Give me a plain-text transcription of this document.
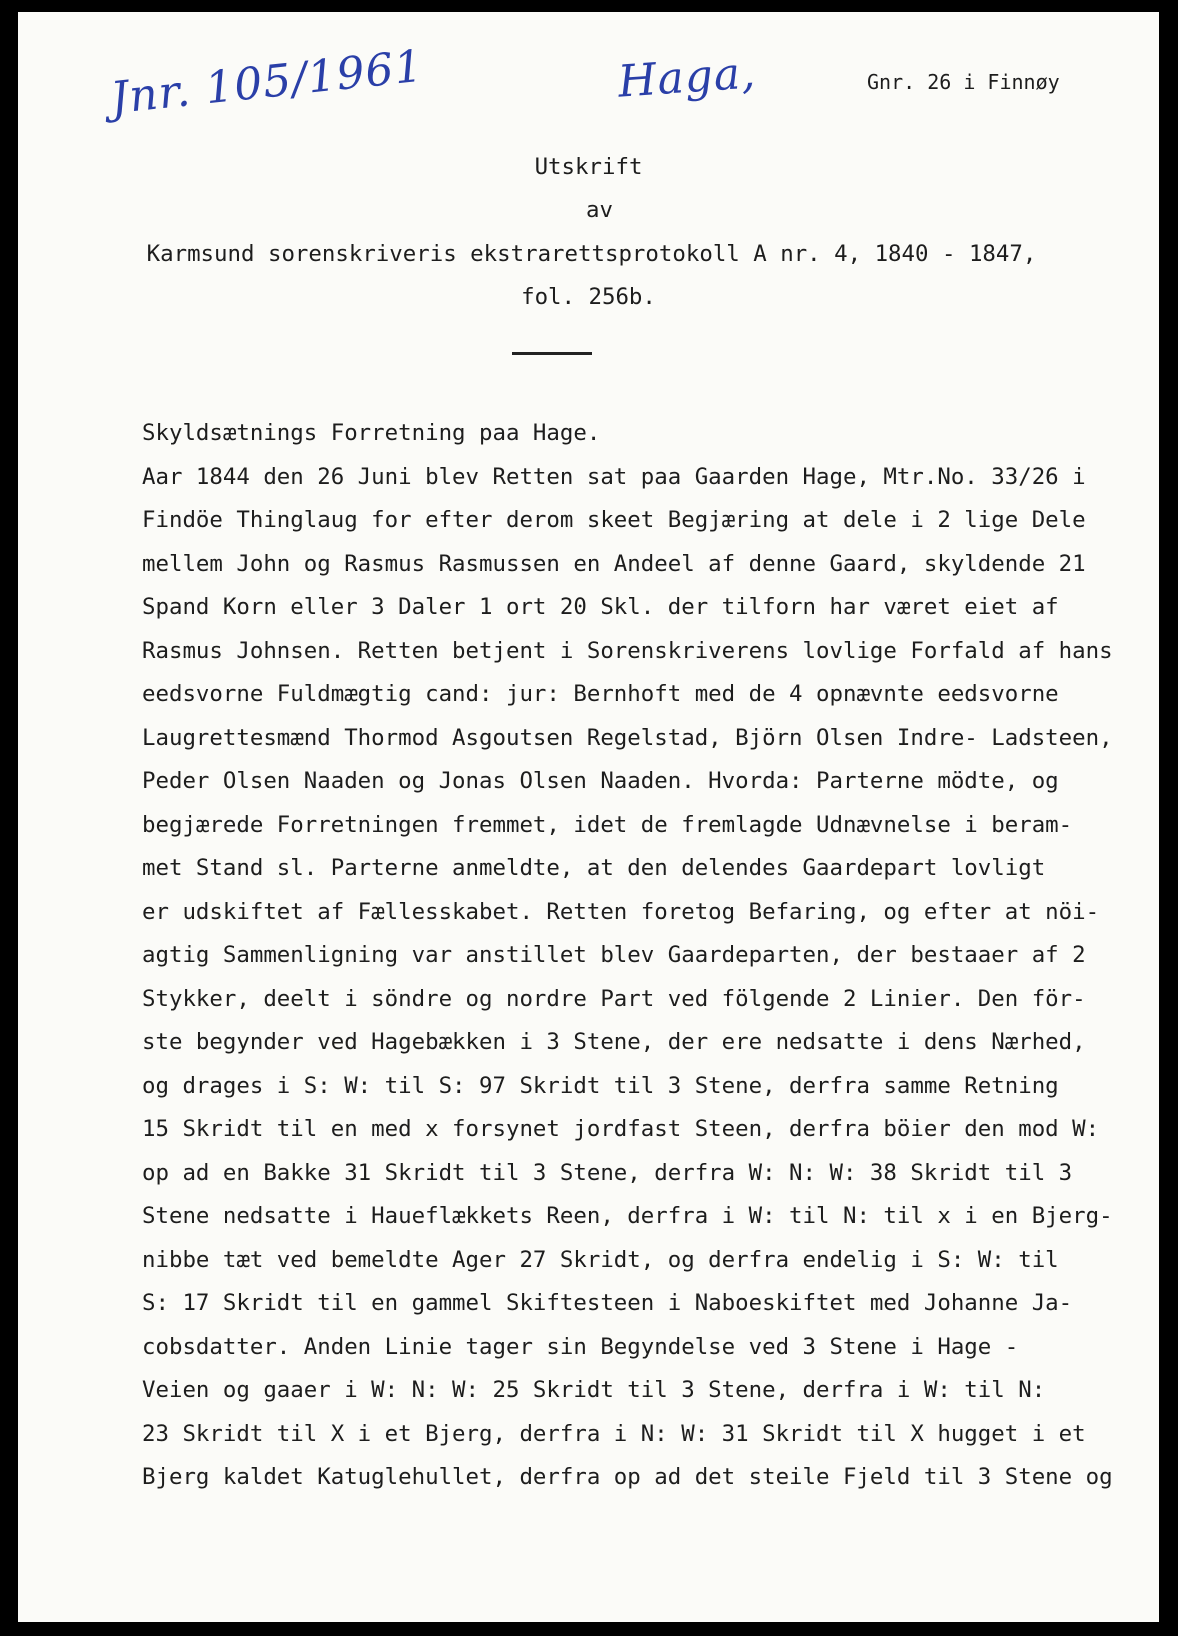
Jnr. 105/1961	Haga,	Gnr. 26 i Finnøy
Utskrift
av
Karmsund sorenskriveris ekstrarettsprotokoll A nr. 4, 1840 - 1847,
fol. 256b.
Skyldsætnings Forretning paa Hage.
Aar 1844 den 26 Juni blev Retten sat paa Gaarden Hage, Mtr.No. 33/26 i
Findöe Thinglaug for efter derom skeet Begjæring at dele i 2 lige Dele
mellem John og Rasmus Rasmussen en Andeel af denne Gaard, skyldende 21
Spand Korn eller 3 Daler 1 ort 20 Skl. der tilforn har været eiet af
Rasmus Johnsen. Retten betjent i Sorenskriverens lovlige Forfald af hans
eedsvorne Fuldmægtig cand: jur: Bernhoft med de 4 opnævnte eedsvorne
Laugrettesmænd Thormod Asgoutsen Regelstad, Björn Olsen Indre- Ladsteen,
Peder Olsen Naaden og Jonas Olsen Naaden. Hvorda: Parterne mödte, og
begjærede Forretningen fremmet, idet de fremlagde Udnævnelse i beram-
met Stand sl. Parterne anmeldte, at den delendes Gaardepart lovligt
er udskiftet af Fællesskabet. Retten foretog Befaring, og efter at nöi-
agtig Sammenligning var anstillet blev Gaardeparten, der bestaaer af 2
Stykker, deelt i söndre og nordre Part ved fölgende 2 Linier. Den för-
ste begynder ved Hagebækken i 3 Stene, der ere nedsatte i dens Nærhed,
og drages i S: W: til S: 97 Skridt til 3 Stene, derfra samme Retning
15 Skridt til en med x forsynet jordfast Steen, derfra böier den mod W:
op ad en Bakke 31 Skridt til 3 Stene, derfra W: N: W: 38 Skridt til 3
Stene nedsatte i Haueflækkets Reen, derfra i W: til N: til x i en Bjerg-
nibbe tæt ved bemeldte Ager 27 Skridt, og derfra endelig i S: W: til
S: 17 Skridt til en gammel Skiftesteen i Naboeskiftet med Johanne Ja-
cobsdatter. Anden Linie tager sin Begyndelse ved 3 Stene i Hage -
Veien og gaaer i W: N: W: 25 Skridt til 3 Stene, derfra i W: til N:
23 Skridt til X i et Bjerg, derfra i N: W: 31 Skridt til X hugget i et
Bjerg kaldet Katuglehullet, derfra op ad det steile Fjeld til 3 Stene og
